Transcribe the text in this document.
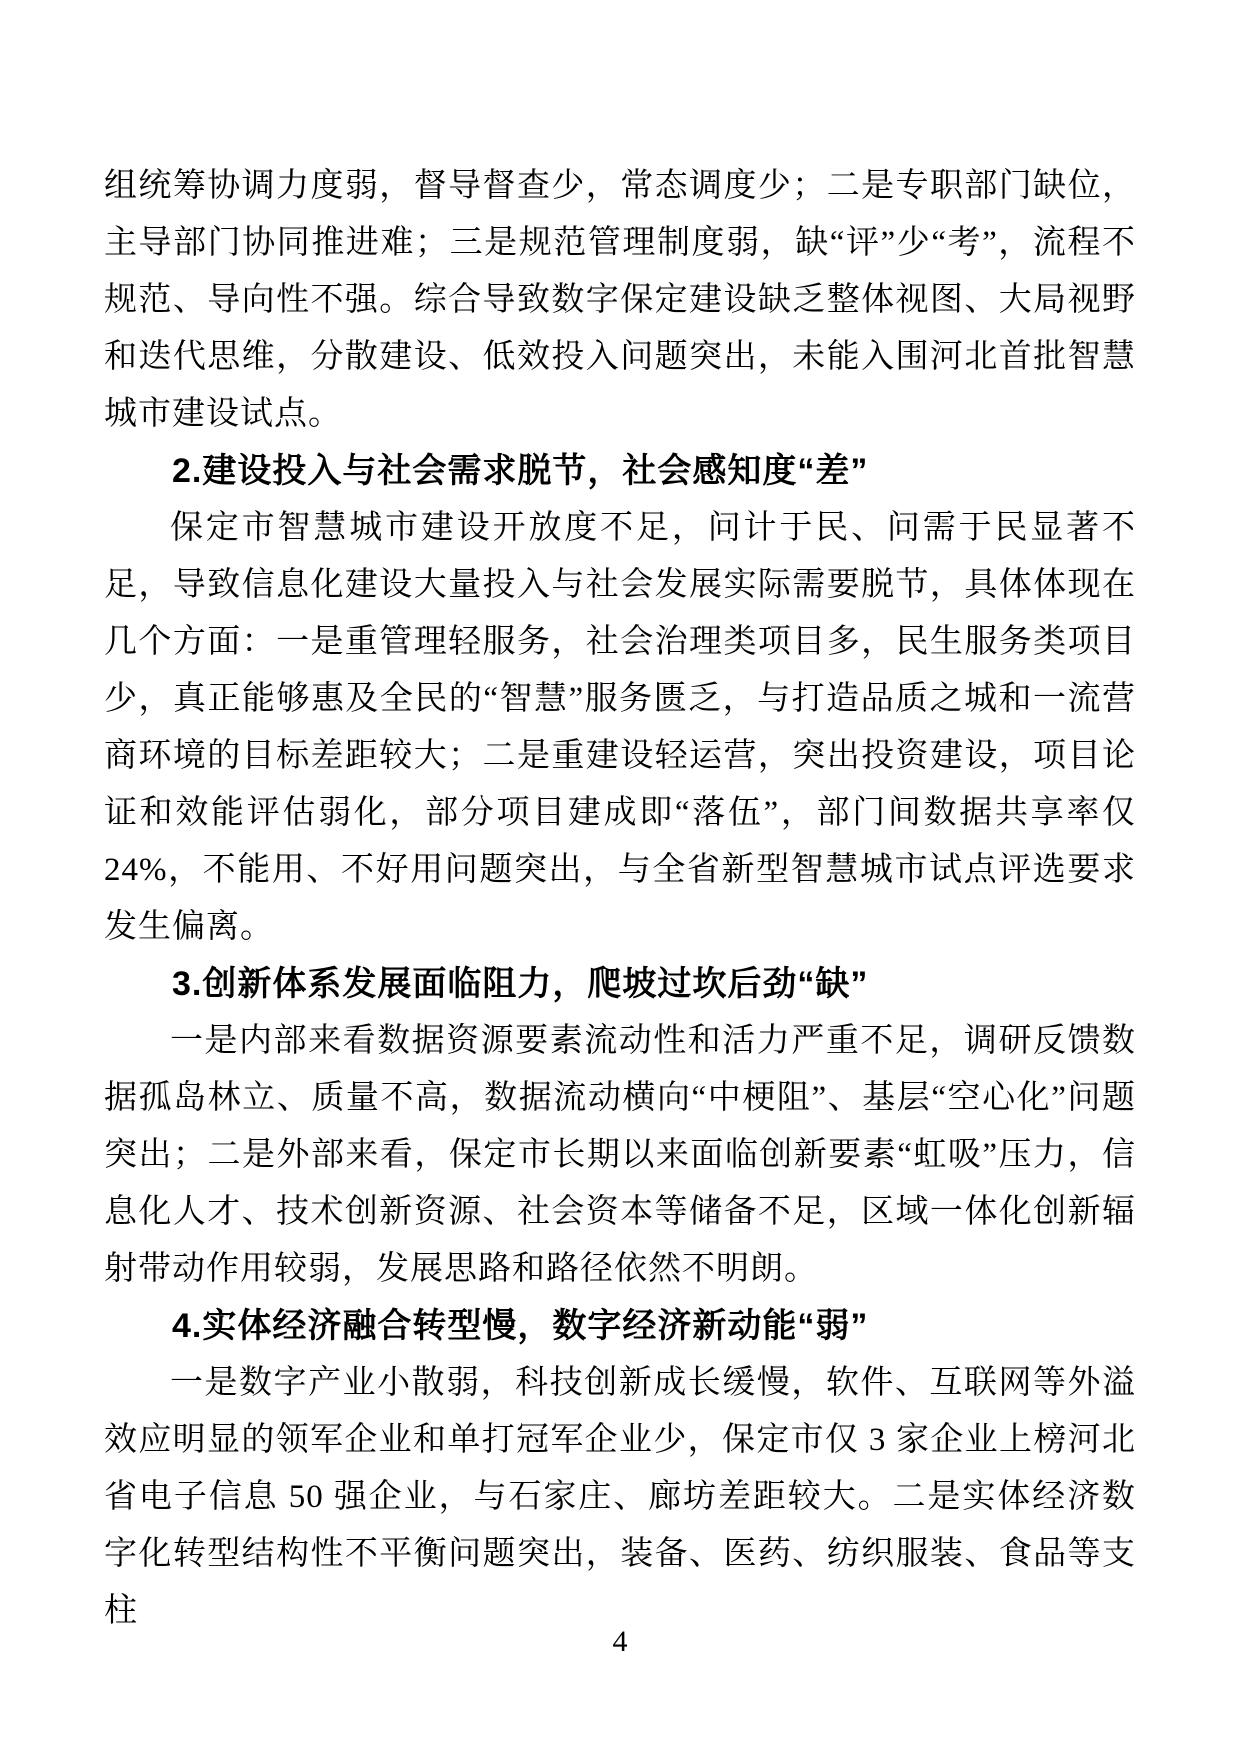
组统筹协调力度弱，督导督查少，常态调度少；二是专职部门缺位，主导部门协同推进难；三是规范管理制度弱，缺“评”少“考”，流程不规范、导向性不强。综合导致数字保定建设缺乏整体视图、大局视野和迭代思维，分散建设、低效投入问题突出，未能入围河北首批智慧城市建设试点。

2.建设投入与社会需求脱节，社会感知度“差”

保定市智慧城市建设开放度不足，问计于民、问需于民显著不足，导致信息化建设大量投入与社会发展实际需要脱节，具体体现在几个方面：一是重管理轻服务，社会治理类项目多，民生服务类项目少，真正能够惠及全民的“智慧”服务匮乏，与打造品质之城和一流营商环境的目标差距较大；二是重建设轻运营，突出投资建设，项目论证和效能评估弱化，部分项目建成即“落伍”，部门间数据共享率仅 24%，不能用、不好用问题突出，与全省新型智慧城市试点评选要求发生偏离。

3.创新体系发展面临阻力，爬坡过坎后劲“缺”

一是内部来看数据资源要素流动性和活力严重不足，调研反馈数据孤岛林立、质量不高，数据流动横向“中梗阻”、基层“空心化”问题突出；二是外部来看，保定市长期以来面临创新要素“虹吸”压力，信息化人才、技术创新资源、社会资本等储备不足，区域一体化创新辐射带动作用较弱，发展思路和路径依然不明朗。

4.实体经济融合转型慢，数字经济新动能“弱”

一是数字产业小散弱，科技创新成长缓慢，软件、互联网等外溢效应明显的领军企业和单打冠军企业少，保定市仅 3 家企业上榜河北省电子信息 50 强企业，与石家庄、廊坊差距较大。二是实体经济数字化转型结构性不平衡问题突出，装备、医药、纺织服装、食品等支柱

4
